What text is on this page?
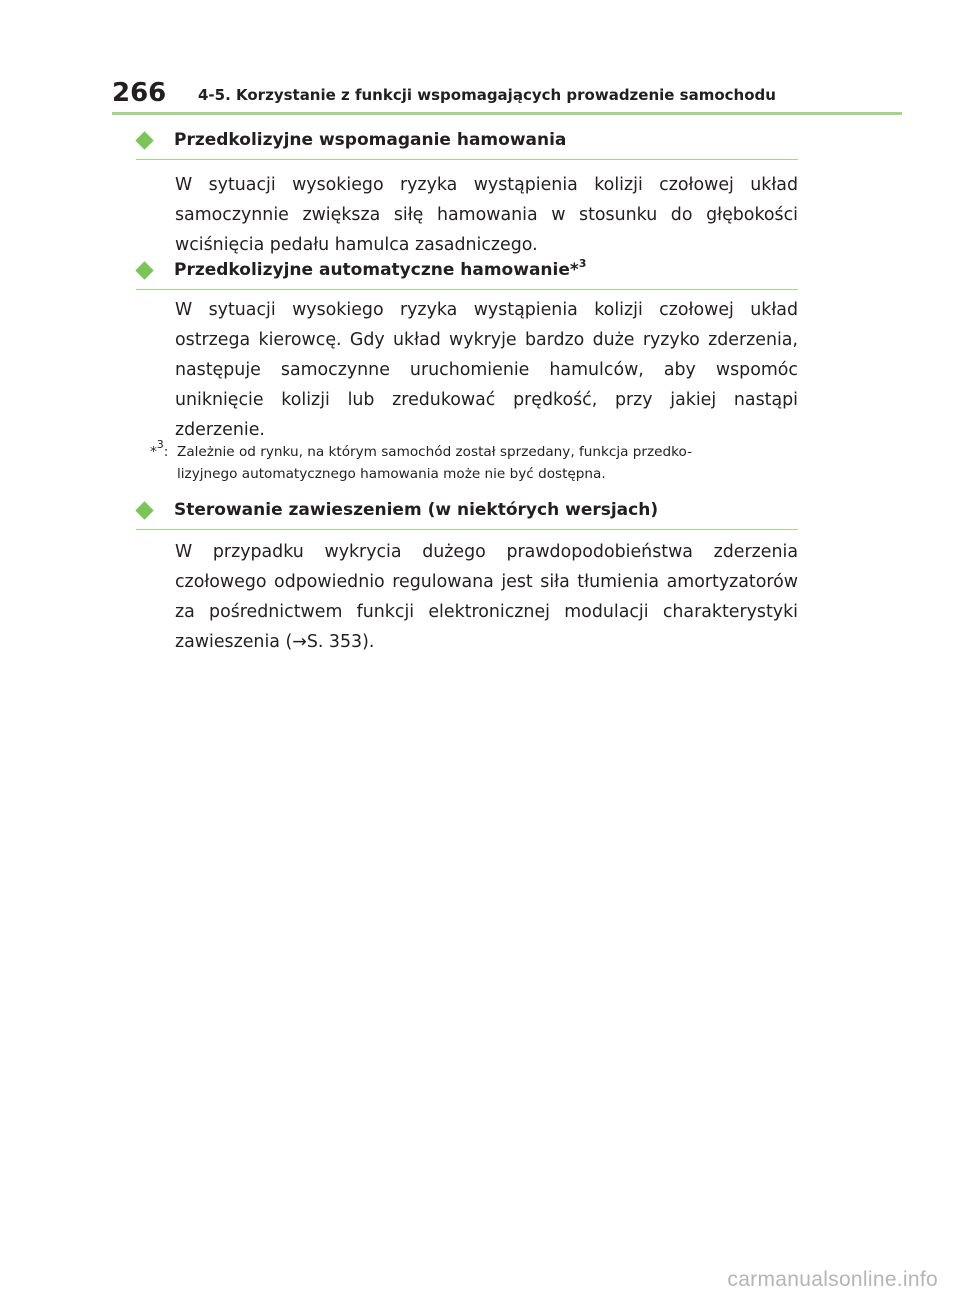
266 4-5. Korzystanie z funkcji wspomagających prowadzenie samochodu
Przedkolizyjne wspomaganie hamowania
W sytuacji wysokiego ryzyka wystąpienia kolizji czołowej układ samoczynnie zwiększa siłę hamowania w stosunku do głębokości wciśnięcia pedału hamulca zasadniczego.
Przedkolizyjne automatyczne hamowanie*$^3$
W sytuacji wysokiego ryzyka wystąpienia kolizji czołowej układ ostrzega kierowcę. Gdy układ wykryje bardzo duże ryzyko zderzenia, następuje samoczynne uruchomienie hamulców, aby wspomóc uniknięcie kolizji lub zredukować prędkość, przy jakiej nastąpi zderzenie.
*$^3$: Zależnie od rynku, na którym samochód został sprzedany, funkcja przedko-
lizyjnego automatycznego hamowania może nie być dostępna.
Sterowanie zawieszeniem (w niektórych wersjach)
W przypadku wykrycia dużego prawdopodobieństwa zderzenia czołowego odpowiednio regulowana jest siła tłumienia amortyzatorów za pośrednictwem funkcji elektronicznej modulacji charakterystyki zawieszenia (→S. 353).
carmanualsonline.info
